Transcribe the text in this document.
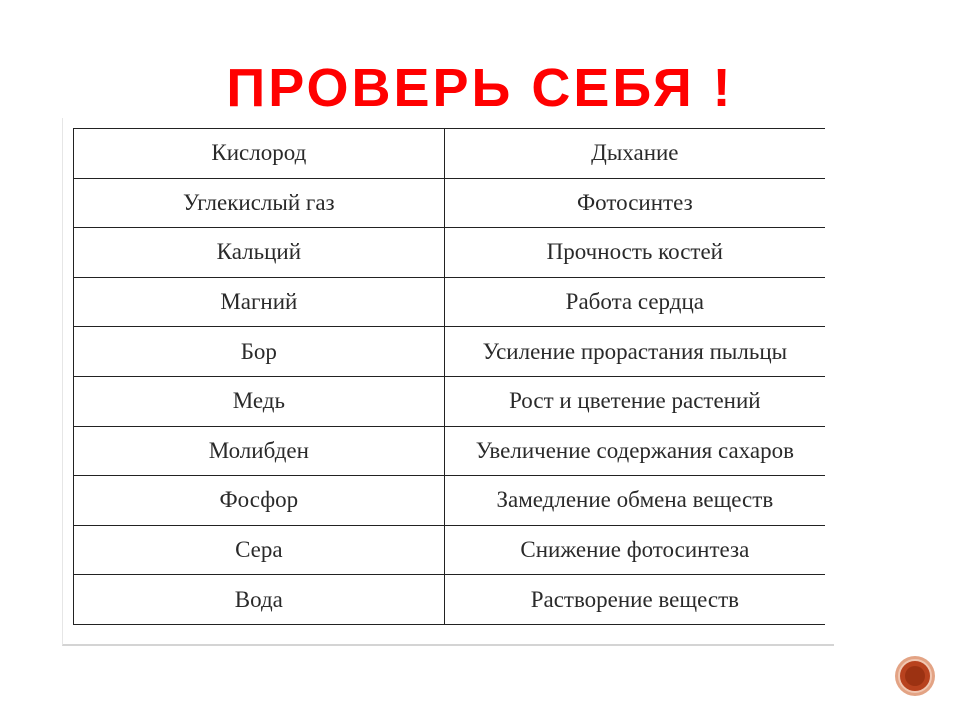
ПРОВЕРЬ СЕБЯ !
Кислород	Дыхание
Углекислый газ	Фотосинтез
Кальций	Прочность костей
Магний	Работа сердца
Бор	Усиление прорастания пыльцы
Медь	Рост и цветение растений
Молибден	Увеличение содержания сахаров
Фосфор	Замедление обмена веществ
Сера	Снижение фотосинтеза
Вода	Растворение веществ
